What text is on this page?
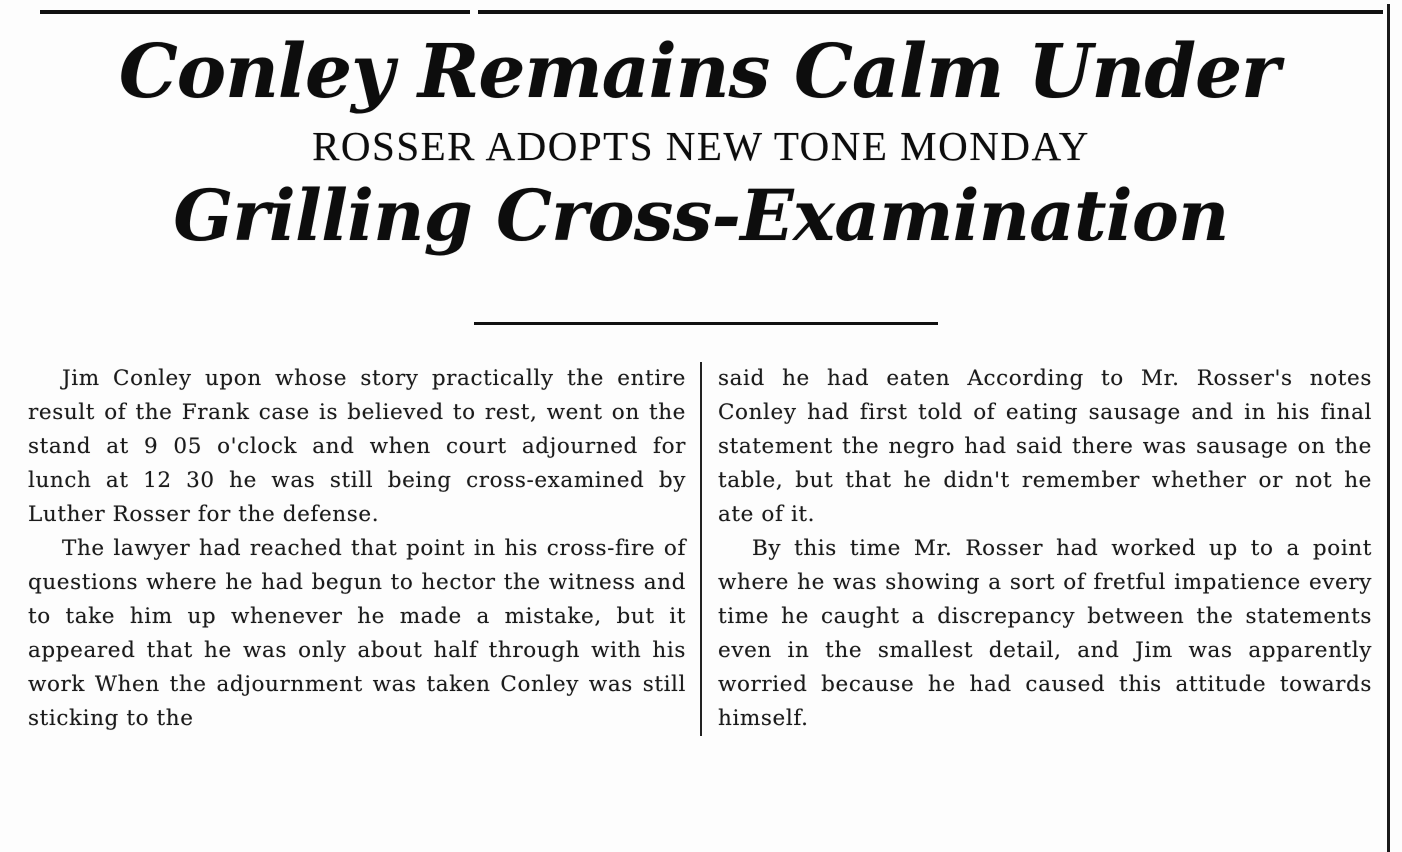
Conley Remains Calm Under
ROSSER ADOPTS NEW TONE MONDAY
Grilling Cross-Examination

Jim Conley upon whose story practically the entire result of the Frank case is believed to rest, went on the stand at 9 05 o'clock and when court adjourned for lunch at 12 30 he was still being cross-examined by Luther Rosser for the defense.

The lawyer had reached that point in his cross-fire of questions where he had begun to hector the witness and to take him up whenever he made a mistake, but it appeared that he was only about half through with his work When the adjournment was taken Conley was still sticking to the

said he had eaten According to Mr. Rosser's notes Conley had first told of eating sausage and in his final statement the negro had said there was sausage on the table, but that he didn't remember whether or not he ate of it.

By this time Mr. Rosser had worked up to a point where he was showing a sort of fretful impatience every time he caught a discrepancy between the statements even in the smallest detail, and Jim was apparently worried because he had caused this attitude towards himself.
